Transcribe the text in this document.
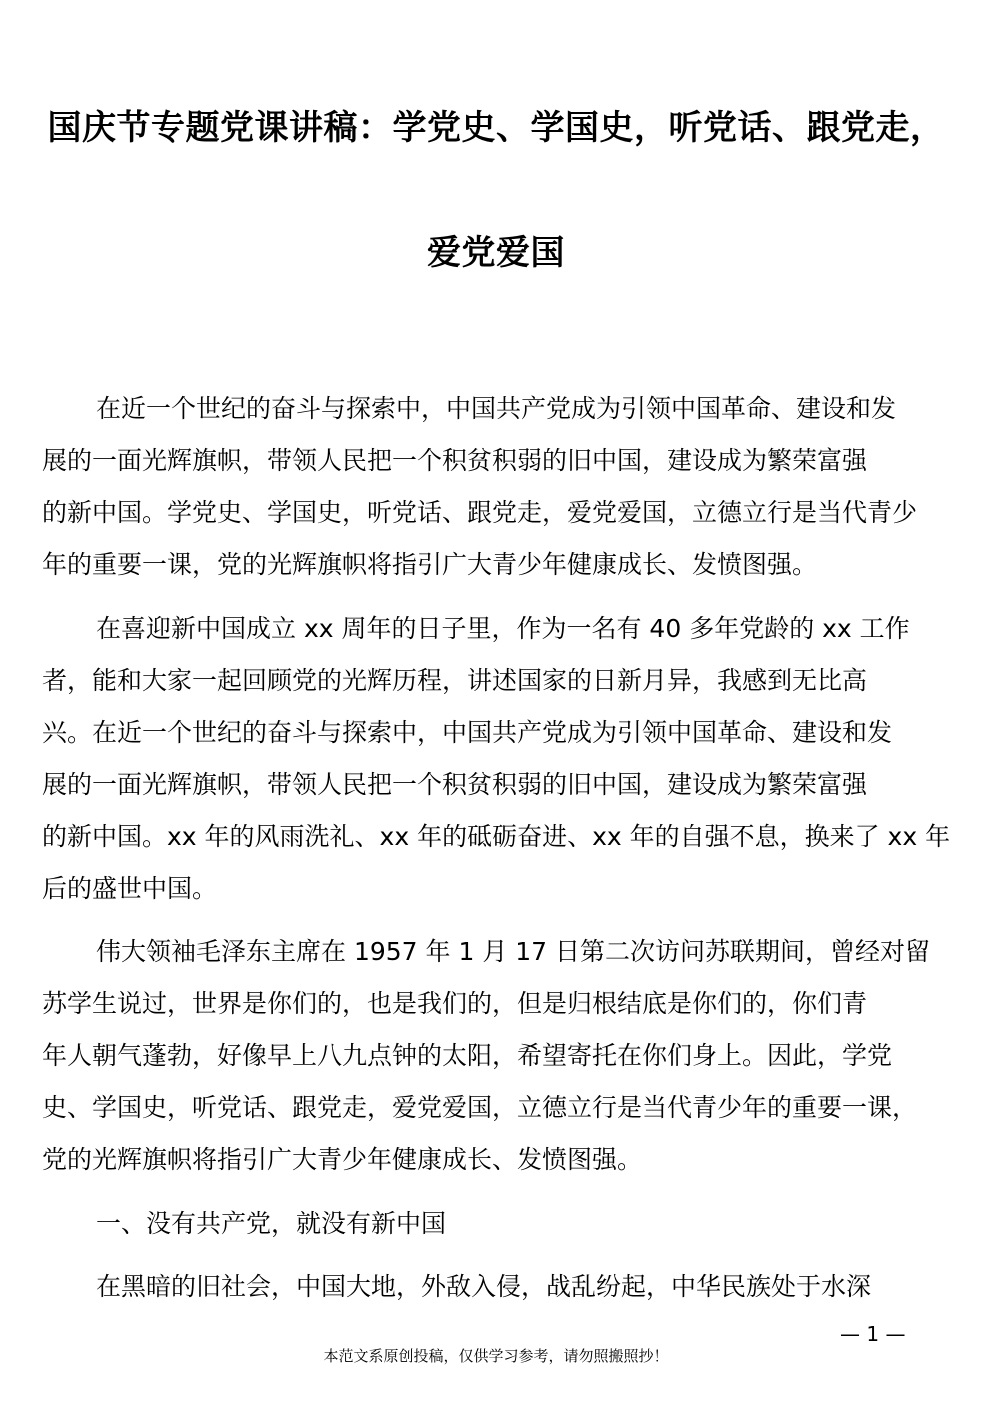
国庆节专题党课讲稿：学党史、学国史，听党话、跟党走，
爱党爱国
在近一个世纪的奋斗与探索中，中国共产党成为引领中国革命、建设和发
展的一面光辉旗帜，带领人民把一个积贫积弱的旧中国，建设成为繁荣富强
的新中国。学党史、学国史，听党话、跟党走，爱党爱国，立德立行是当代青少
年的重要一课，党的光辉旗帜将指引广大青少年健康成长、发愤图强。
在喜迎新中国成立 xx 周年的日子里，作为一名有 40 多年党龄的 xx 工作
者，能和大家一起回顾党的光辉历程，讲述国家的日新月异，我感到无比高
兴。在近一个世纪的奋斗与探索中，中国共产党成为引领中国革命、建设和发
展的一面光辉旗帜，带领人民把一个积贫积弱的旧中国，建设成为繁荣富强
的新中国。xx 年的风雨洗礼、xx 年的砥砺奋进、xx 年的自强不息，换来了 xx 年
后的盛世中国。
伟大领袖毛泽东主席在 1957 年 1 月 17 日第二次访问苏联期间，曾经对留
苏学生说过，世界是你们的，也是我们的，但是归根结底是你们的，你们青
年人朝气蓬勃，好像早上八九点钟的太阳，希望寄托在你们身上。因此，学党
史、学国史，听党话、跟党走，爱党爱国，立德立行是当代青少年的重要一课，
党的光辉旗帜将指引广大青少年健康成长、发愤图强。
一、没有共产党，就没有新中国
在黑暗的旧社会，中国大地，外敌入侵，战乱纷起，中华民族处于水深
— 1 —
本范文系原创投稿，仅供学习参考，请勿照搬照抄！
